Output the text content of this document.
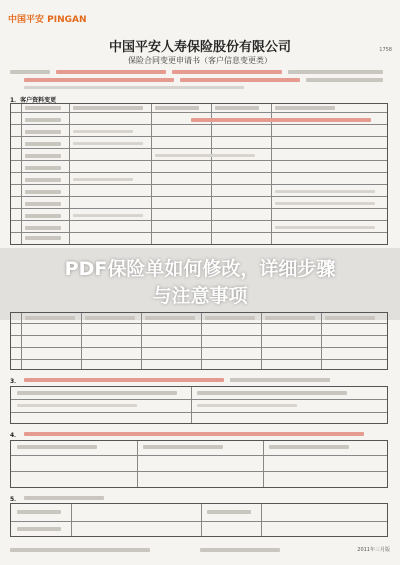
中国平安 PINGAN
1758
中国平安人寿保险股份有限公司
保险合同变更申请书（客户信息变更类）
1．客户资料变更
PDF保险单如何修改，详细步骤
与注意事项
3．
4．
5．
2011年三月版
